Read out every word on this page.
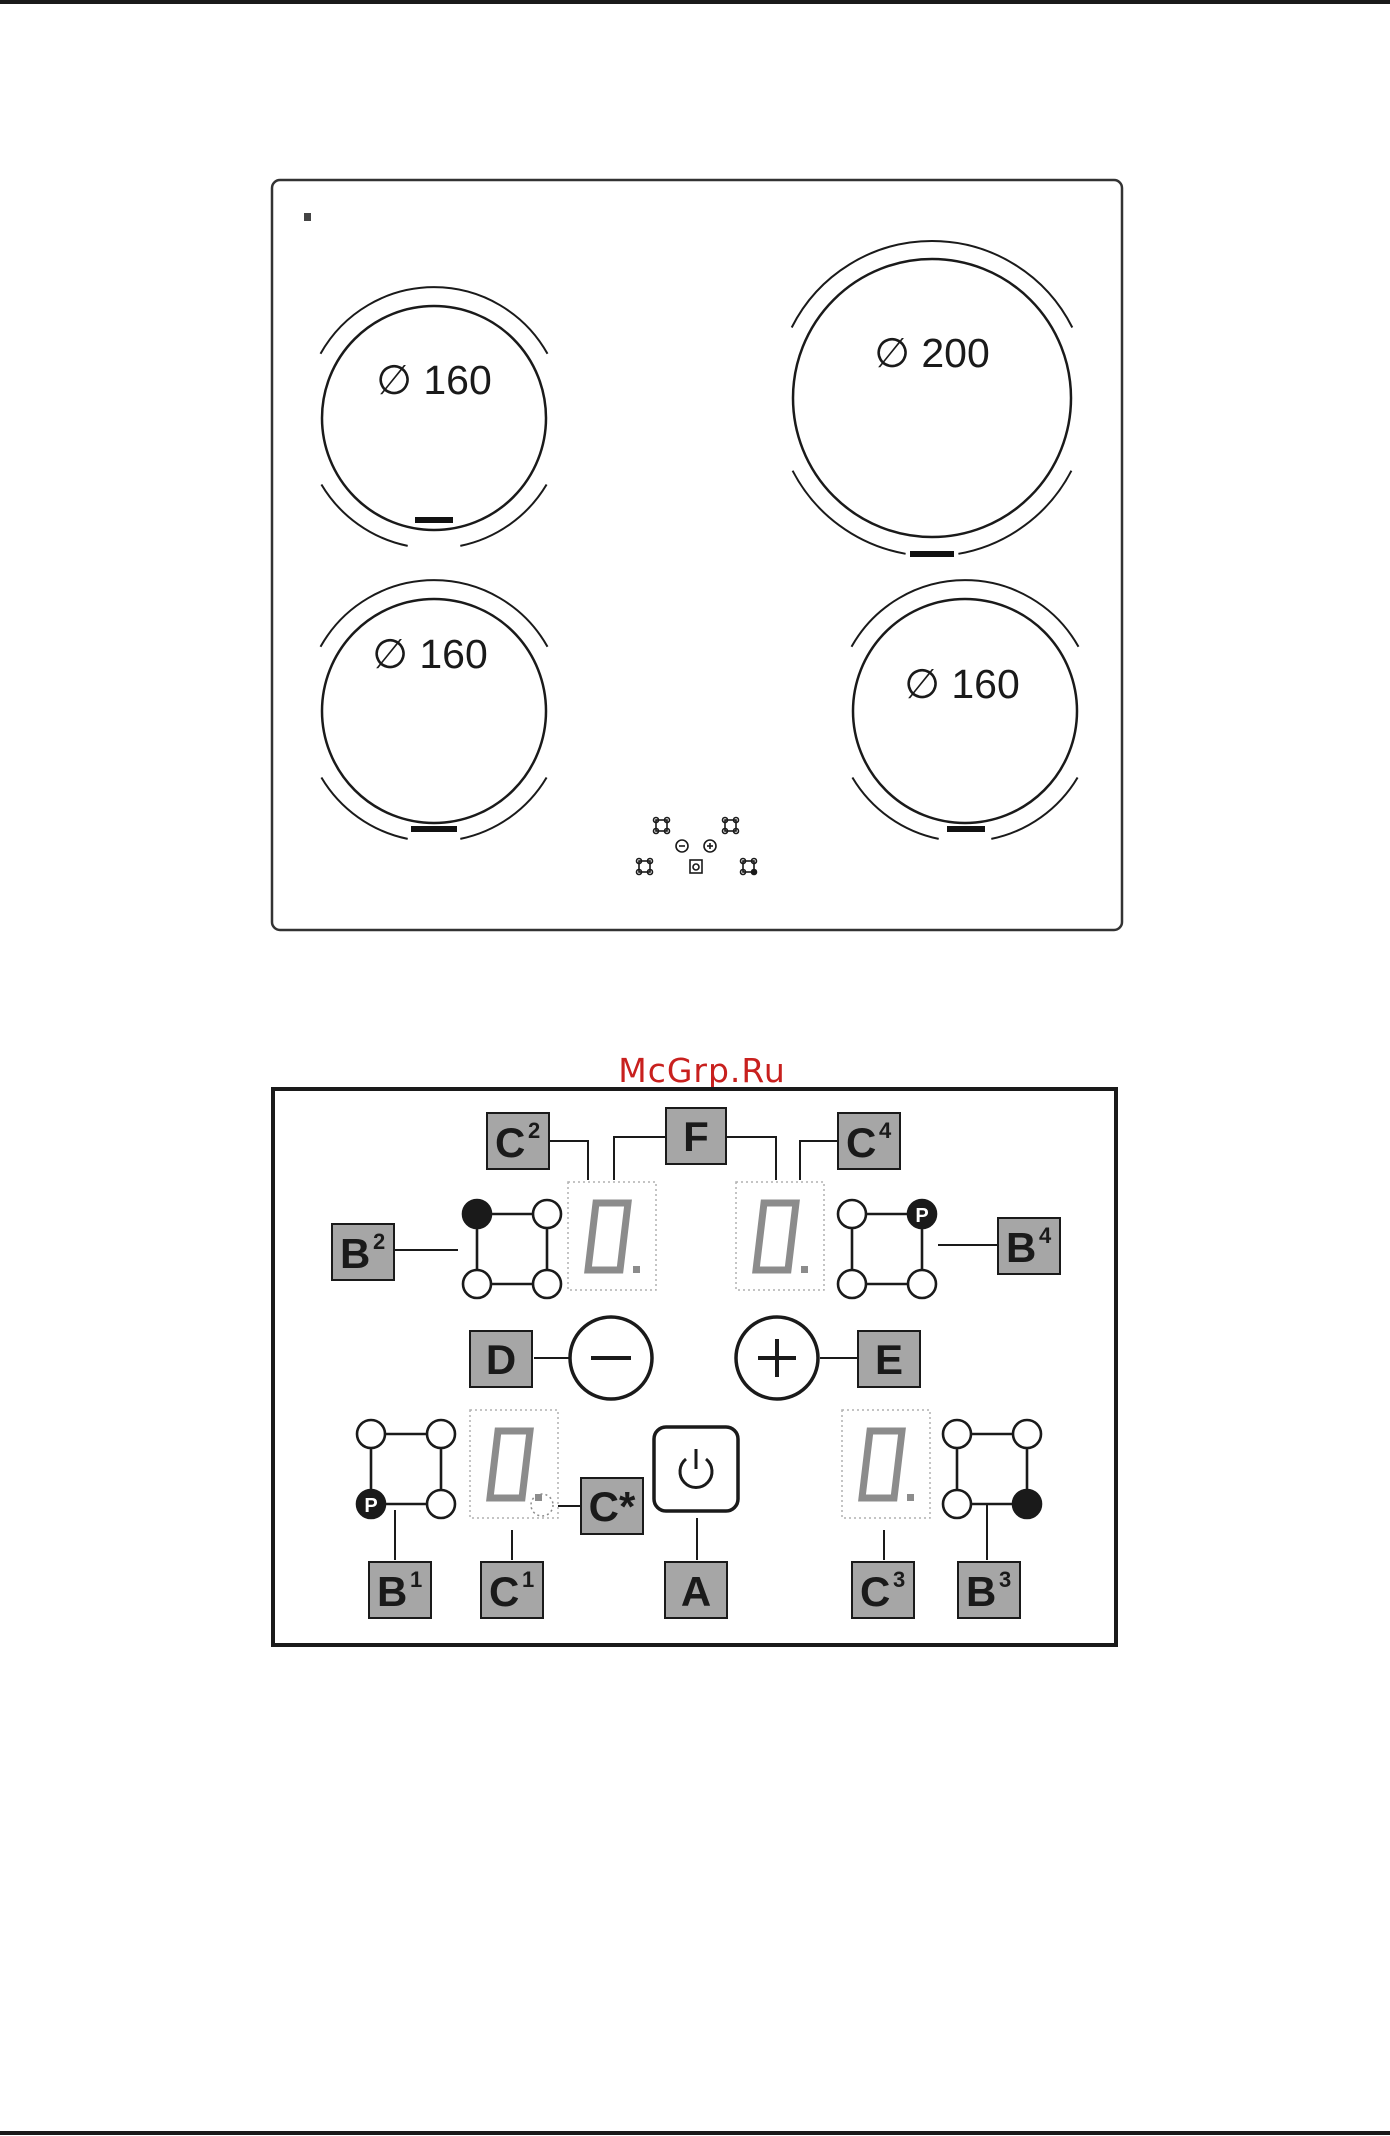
∅ 160
∅ 200
∅ 160
∅ 160
McGrp.Ru
P
P
C 2	F	C 4
B 2	B 4
D	E
C*
B 1 C 1	A	C 3 B 3
